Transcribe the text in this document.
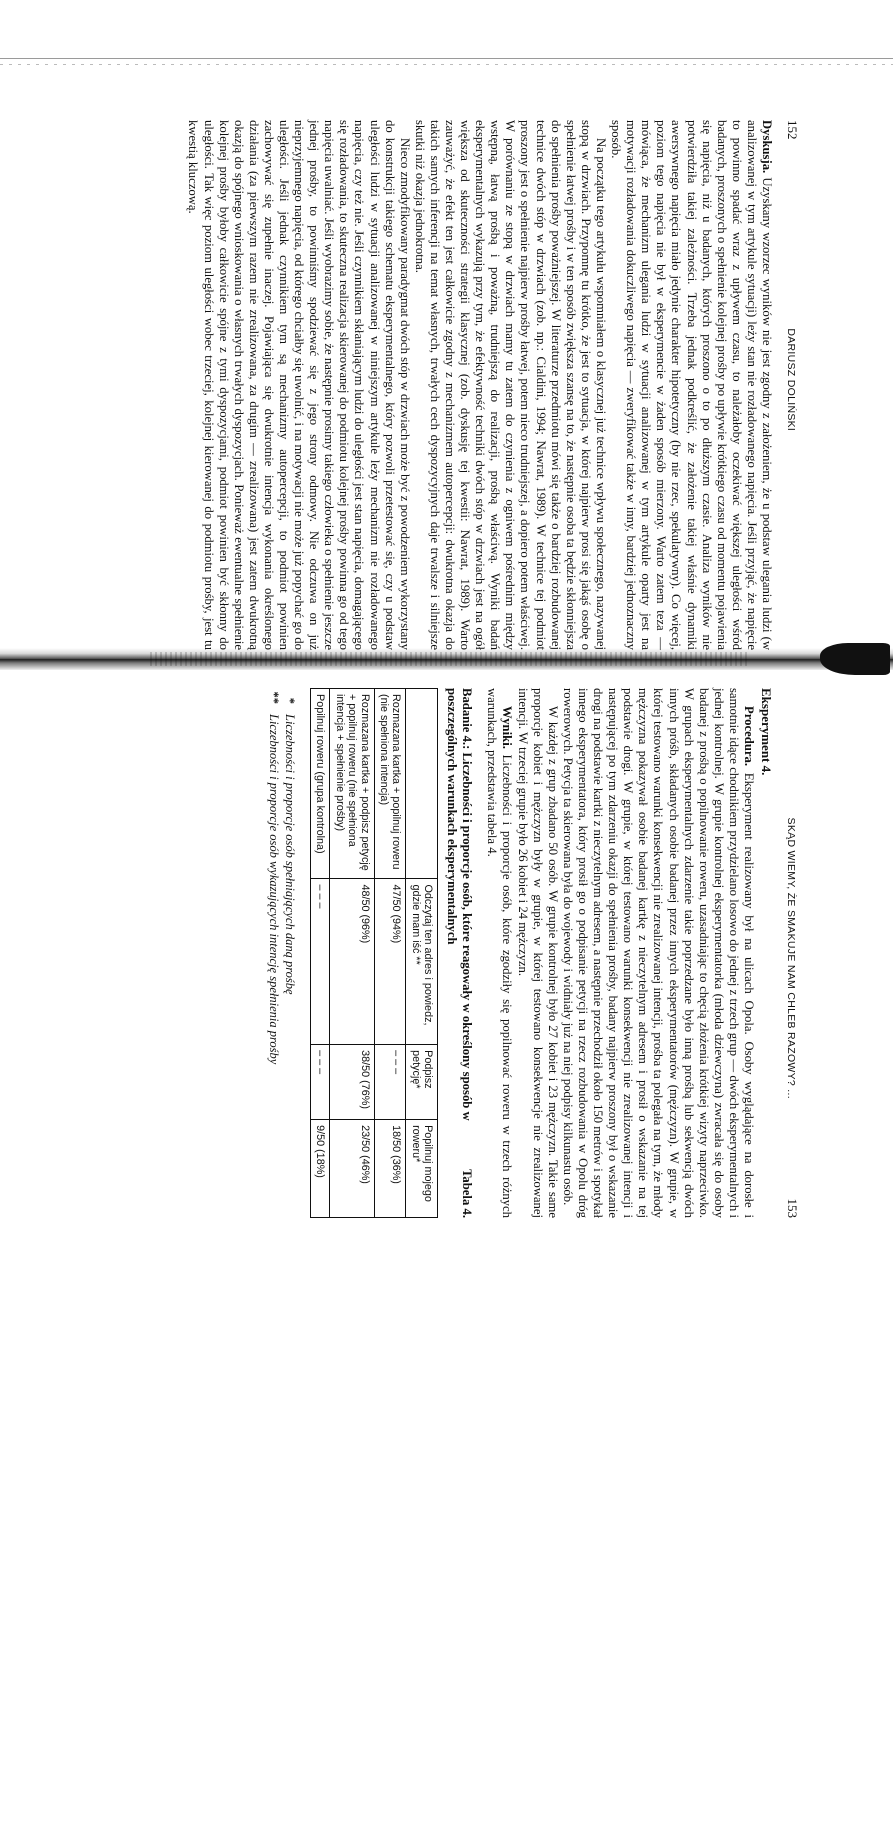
152
DARIUSZ DOLIŃSKI

Dyskusja. Uzyskany wzorzec wyników nie jest zgodny z założeniem, że u podstaw ulegania ludzi (w analizowanej w tym artykule sytuacji) leży stan nie rozładowanego napięcia. Jeśli przyjąć, że napięcie to powinno spadać wraz z upływem czasu, to należałoby oczekiwać większej uległości wśród badanych, proszonych o spełnienie kolejnej prośby po upływie krótkiego czasu od momentu pojawienia się napięcia, niż u badanych, których proszono o to po dłuższym czasie. Analiza wyników nie potwierdziła takiej zależności. Trzeba jednak podkreślić, że założenie takiej właśnie dynamiki awersywnego napięcia miało jedynie charakter hipotetyczny (by nie rzec, spekulatywny). Co więcej, poziom tego napięcia nie był w eksperymencie w żaden sposób mierzony. Warto zatem teza — mówiąca, że mechanizm ulegania ludzi w sytuacji analizowanej w tym artykule oparty jest na motywacji rozładowania dokuczliwego napięcia — zweryfikować także w inny, bardziej jednoznaczny sposób.

Na początku tego artykułu wspomniałem o klasycznej już technice wpływu społecznego, nazywanej stopą w drzwiach. Przypomnę tu krótko, że jest to sytuacja, w której najpierw prosi się jakąś osobę o spełnienie łatwej prośby i w ten sposób zwiększa szansę na to, że następnie osoba ta będzie skłonniejsza do spełnienia prośby poważniejszej. W literaturze przedmiotu mówi się także o bardziej rozbudowanej technice dwóch stóp w drzwiach (zob. np.: Cialdini, 1994; Nawrat, 1989). W technice tej podmiot proszony jest o spełnienie najpierw prośby łatwej, potem nieco trudniejszej, a dopiero potem właściwej. W porównaniu ze stopą w drzwiach mamy tu zatem do czynienia z ogniwem pośrednim między wstępną, łatwą prośbą i poważną, trudniejszą do realizacji, prośbą właściwą. Wyniki badań eksperymentalnych wykazują przy tym, że efektywność techniki dwóch stóp w drzwiach jest na ogół większa od skuteczności strategii klasycznej (zob. dyskusję tej kwestii: Nawrat, 1989). Warto zauważyć, że efekt ten jest całkowicie zgodny z mechanizmem autopercepcji: dwukrotna okazja do takich samych inferencji na temat własnych, trwałych cech dyspozycyjnych daje trwalsze i silniejsze skutki niż okazja jednokrotna.

Nieco zmodyfikowany paradygmat dwóch stóp w drzwiach może być z powodzeniem wykorzystany do konstrukcji takiego schematu eksperymentalnego, który pozwoli przetestować się, czy u podstaw uległości ludzi w sytuacji analizowanej w niniejszym artykule leży mechanizm nie rozładowanego napięcia, czy też nie. Jeśli czynnikiem skłaniającym ludzi do uległości jest stan napięcia, domagającego się rozładowania, to skuteczna realizacja skierowanej do podmiotu kolejnej prośby powinna go od tego napięcia uwalniać. Jeśli wyobrazimy sobie, że następnie prosimy takiego człowieka o spełnienie jeszcze jednej prośby, to powinniśmy spodziewać się z jego strony odmowy. Nie odczuwa on już nieprzyjemnego napięcia, od którego chciałby się uwolnić, i na motywacji nie może już popychać go do uległości. Jeśli jednak czynnikiem tym są mechanizmy autopercepcji, to podmiot powinien zachowywać się zupełnie inaczej. Pojawiająca się dwukrotnie intencja wykonania określonego działania (za pierwszym razem nie zrealizowana, za drugim — zrealizowana) jest zatem dwukrotną okazją do spójnego wnioskowania o własnych trwałych dyspozycjach. Ponieważ ewentualne spełnienie kolejnej prośby byłoby całkowicie spójne z tymi dyspozycjami, podmiot powinien być skłonny do uległości. Tak więc poziom uległości wobec trzeciej, kolejnej kierowanej do podmiotu prośby, jest tu kwestią kluczową.

SKĄD WIEMY, ŻE SMAKUJE NAM CHLEB RAZOWY? ...
153
Eksperyment 4.

Procedura. Eksperyment realizowany był na ulicach Opola. Osoby wyglądające na dorosłe i samotnie idące chodnikiem przydzielano losowo do jednej z trzech grup — dwóch eksperymentalnych i jednej kontrolnej. W grupie kontrolnej eksperymentatorka (młoda dziewczyna) zwracała się do osoby badanej z prośbą o popilnowanie roweru, uzasadniając to chęcią złożenia krótkiej wizyty naprzeciwko. W grupach eksperymentalnych zdarzenie takie poprzedzane było inną prośbą lub sekwencją dwóch innych próśb, składanych osobie badanej przez innych eksperymentatorów (mężczyzn). W grupie, w której testowano warunki konsekwencji nie zrealizowanej intencji, prośba ta polegała na tym, że młody mężczyzna pokazywał osobie badanej kartkę z nieczytelnym adresem i prosił o wskazanie na tej podstawie drogi. W grupie, w której testowano warunki konsekwencji nie zrealizowanej intencji i następującej po tym zdarzeniu okazji do spełnienia prośby, badany najpierw proszony był o wskazanie drogi na podstawie kartki z nieczytelnym adresem, a następnie przechodził około 150 metrów i spotykał innego eksperymentatora, który prosił go o podpisanie petycji na rzecz rozbudowania w Opolu dróg rowerowych. Petycja ta skierowana była do wojewody i widniały już na niej podpisy kilkunastu osób.

W każdej z grup zbadano 50 osób. W grupie kontrolnej było 27 kobiet i 23 mężczyzn. Takie same proporcje kobiet i mężczyzn były w grupie, w której testowano konsekwencje nie zrealizowanej intencji. W trzeciej grupie było 26 kobiet i 24 mężczyzn.

Wyniki. Liczebności i proporcje osób, które zgodziły się popilnować roweru w trzech różnych warunkach, przedstawia tabela 4.

Badanie 4.: Liczebności i proporcje osób, które reagowały w określony sposób w poszczególnych warunkach eksperymentalnych
Tabela 4.
	Odczytaj ten adres i powiedz, gdzie mam iść **	Podpisz petycję*	Popilnuj mojego roweru*
Rozmazana kartka + popilnuj roweru (nie spełniona intencja)	47/50 (94%)	– – –	18/50 (36%)
Rozmazana kartka + podpisz petycję + popilnuj roweru (nie spełniona intencja + spełnienie prośby)	48/50 (96%)	38/50 (76%)	23/50 (46%)
Popilnuj roweru (grupa kontrolna)	– – –	– – –	9/50 (18%)
*
Liczebności i proporcje osób spełniających daną prośbę
**
Liczebności i proporcje osób wykazujących intencję spełnienia prośby
